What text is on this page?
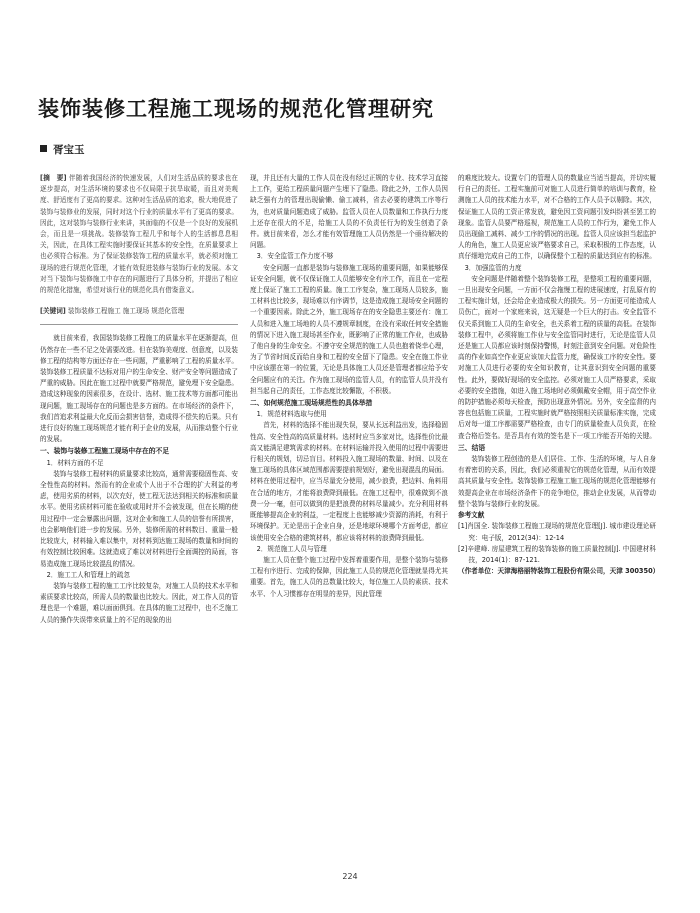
装饰装修工程施工现场的规范化管理研究
胥宝玉

[摘　要] 伴随着我国经济的快速发展，人们对生活品质的要求也在逐步提高，对生活环境的要求也不仅局限于抗旱取暖，而且对美观度、舒适度有了更高的要求。这种对生活品质的追求，极大地促进了装饰与装修业的发展，同时对这个行业的质量水平有了更高的要求。因此，这对装饰与装修行业来讲，其面临的不仅是一个良好的发展机会，而且是一项挑战。装修装饰工程几乎和每个人的生活都息息相关，因此，在具体工程实施时要保证其基本的安全性，在质量要求上也必须符合标准。为了保证装修装饰工程的质量水平，就必须对施工现场的进行规范化管理，才能有效促进装修与装饰行业的发展。本文对当下装饰与装修施工中存在的问题进行了具体分析，并提出了相应的规范化措施，希望对该行业的规范化具有借鉴意义。

[关键词] 装饰装修工程施工 施工现场 规范化管理

就目前来看，我国装饰装修工程施工的质量水平在逐渐提高，但仍然存在一些不足之处需要改进。但在装饰美观度、创意度，以及装修工程的结构等方面还存在一些问题，严重影响了工程的质量水平。装饰装修工程质量不达标对用户的生命安全、财产安全等问题造成了严重的威胁。因此在施工过程中就要严格规范，避免埋下安全隐患。造成这种现象的因素很多，在设计、选材、施工技术等方面都可能出现问题，施工现场存在的问题也是多方面的。在市场经济的条件下，我们首追求利益最大化反而会损害信誉，造成得不偿失的后果。只有进行良好的施工现场规范才能有利于企业的发展，从而推动整个行业的发展。

一、装饰与装修工程施工现场中存在的不足

1．材料方面的不足

装饰与装修工程材料的质量要求比较高，通常需要稳固性高、安全性性高的材料。然而有的企业或个人出于不合理的扩大利益的考虑，使用劣质的材料，以次充好，使工程无法达到相关的标准和质量水平。使用劣质材料可能在验收或用时并不会被发现，但在长期的使用过程中一定会暴露出问题，这对企业和施工人员的信誉有所损害，也会影响他们进一步的发展。另外，装修所需的材料数目、重量一般比较庞大，材料输入难以集中，对材料到达施工现场的数量和时间的有效控制比较困难。这就造成了难以对材料进行全面调控的局面，容易造成施工现场比较混乱的情况。

2．施工工人和管理上的疏忽

装饰与装修工程的施工工序比较复杂，对施工人员的技术水平和素质要求比较高，所需人员的数量也比较大。因此，对工作人员的管理也是一个难题，难以面面俱到。在具体的施工过程中，也不乏施工人员的操作失误带来质量上的不足的现象的出

现，并且还有大量的工作人员在没有经过正规的专业、技术学习直接上工作，更给工程质量问题产生埋下了隐患。除此之外，工作人员因缺乏强有力的管理出现偷懒、偷工减料，省去必要的建筑工序等行为，也对质量问题造成了威胁。监管人员在人员数量和工作执行力度上还存在很大的不足，给施工人员的不负责任行为的发生创造了条件。就目前来看，怎么才能有效管理施工人员仍然是一个亟待解决的问题。

3．安全监管工作力度不够

安全问题一直都是装饰与装修施工现场的重要问题，如果能够保证安全问题，就不仅保证施工人员能够安全有序工作，而且在一定程度上保证了施工工程的质量。施工工序复杂，施工现场人员较多，施工材料也比较多，现场难以有序调节，这是造成施工现场安全问题的一个重要因素。除此之外，施工现场存在的安全隐患主要还有：施工人员和进入施工场地的人员不遵规章制度，在没有采取任何安全措施的情况下进入施工现场甚至作业，既影响了正常的施工作业，也威胁了他自身的生命安全。不遵守安全规范的施工人员也抱着侥幸心理，为了节省时间反而给自身和工程的安全留下了隐患。安全在施工作业中应该摆在第一的位置，无论是具体施工人员还是管理者都应给予安全问题应有的关注。作为施工现场的监管人员，有的监管人员并没有担当起自己的责任，工作态度比较懈散，不积极。

二、如何规范施工现场规范性的具体举措

1．规范材料选取与使用

首先，材料的选择不能出现失误，要从长远利益出发，选择稳固性高、安全性高的高质量材料。选材时应当多家对比，选择性价比最高又能满足建筑需求的材料。在材料运输并投入使用的过程中需要进行相关的规划，切忌盲目。材料投入施工现场的数量、时间、以及在施工现场的具体区域范围都需要提前规划好，避免出现混乱的局面。材料在使用过程中，应当尽量充分使用，减少浪费，把边料、角料用在合适的地方，才能将浪费降到最低。在施工过程中，很难做到不浪费一分一毫，但可以做到的是把浪费的材料尽量减少。充分利用材料既能够提高企业的利益，一定程度上也能够减少资源的消耗，有利于环境保护。无论是出于企业自身，还是地球环境哪个方面考虑，都应该使用安全合格的建筑材料，都应该将材料的浪费降到最低。

2．规范施工人员与管理

施工人员在整个施工过程中发挥着重要作用，是整个装饰与装修工程有序进行、完成的保障，因此施工人员的规范化管理就显得尤其重要。首先，施工人员的总数量比较大，每位施工人员的素质、技术水平、个人习惯都存在明显的差异，因此管理

的难度比较大。设置专门的管理人员的数量应当适当提高，并切实履行自己的责任。工程实施前可对施工人员进行简单的培训与教育，检测施工人员的技术能力水平，对不合格的工作人员予以剔除。其次，保证施工人员的工资正常发放，避免因工资问题引发纠纷甚至罢工的现象。监管人员要严格巡视，规范施工人员的工作行为，避免工作人员出现偷工减料、减少工序的情况的出现。监管人员应该担当起监护人的角色，施工人员更应该严格要求自己，采取积极的工作态度，认真仔细地完成自己的工作，以确保整个工程的质量达到应有的标准。

3．加强监管的力度

安全问题是伴随着整个装饰装修工程，是整项工程的重要问题，一旦出现安全问题，一方面不仅会拖慢工程的进展速度，打乱原有的工程实施计划，还会给企业造成极大的损失。另一方面更可能造成人员伤亡，面对一个家庭来说，这无疑是一个巨大的打击。安全监管不仅关系到施工人员的生命安全，也关系着工程的质量的高低。在装饰装修工程中，必须将施工作业与安全监管同时进行，无论是监管人员还是施工人员都应该时刻保持警惕，时刻注意到安全问题。对危险性高的作业如高空作业更应该加大监管力度，确保该工序的安全性。要对施工人员进行必要的安全知识教育，让其意识到安全问题的重要性。此外，要做好现场的安全监控。必须对施工人员严格要求，采取必要的安全措施，如进入施工场地时必须佩戴安全帽，用于高空作业的防护措施必须每天检查，预防出现意外情况。另外，安全监督的内容也包括施工质量，工程实施时就严格按照相关质量标准实施，完成后对每一道工序都需要严格检查，由专门的质量检查人员负责，在检查合格后签名。是否具有有效的签名是下一项工序能否开始的关键。

三、结语

装饰装修工程创造的是人们居住、工作、生活的环境，与人自身有着密切的关系，因此，我们必须重视它的规范化管理，从而有效提高其质量与安全性。装饰装修工程施工施工现场的规范化管理能够有效提高企业在市场经济条件下的竞争地位，推动企业发展，从而带动整个装饰与装修行业的发展。

参考文献

[1]肖国全. 装饰装修工程施工现场的规范化管理[J]. 城市建设理论研究：电子版，2012(34)：12-14

[2]辛建峰. 房屋建筑工程的装饰装修的施工质量控制[J]. 中国建材科技，2014(1)：87-121.

（作者单位：天津海格丽特装饰工程股份有限公司，天津 300350）

224
